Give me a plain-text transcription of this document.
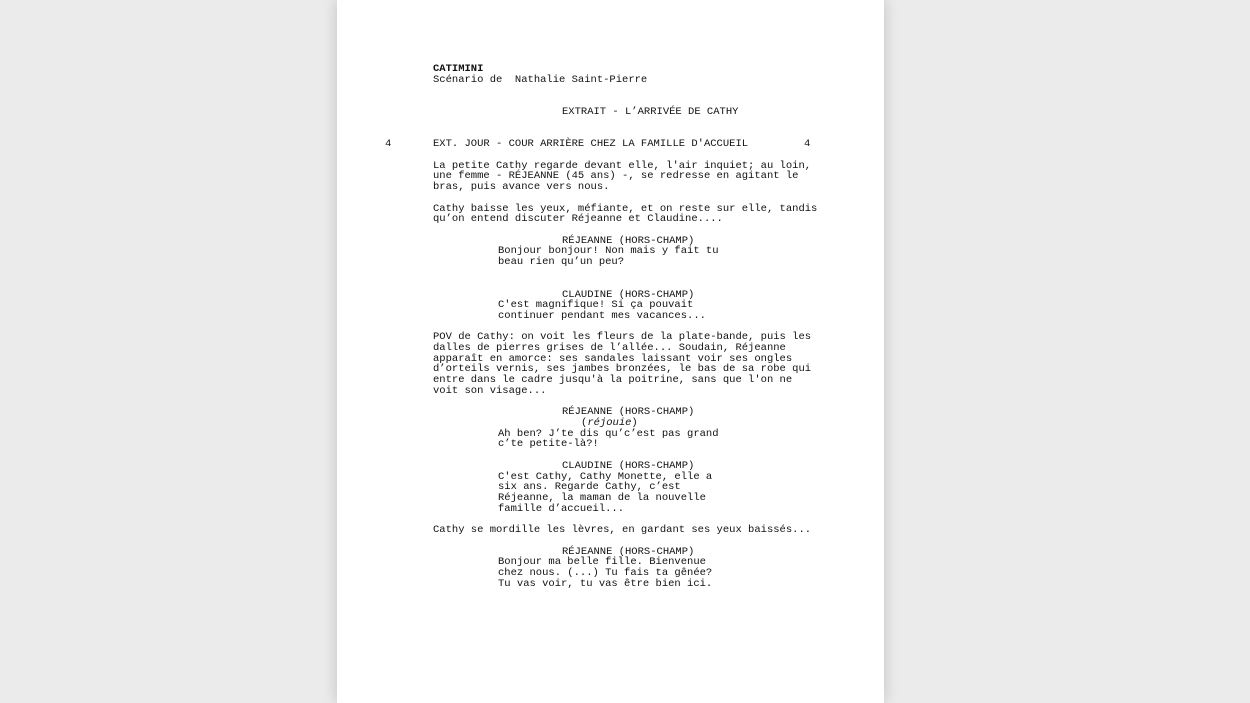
CATIMINI
Scénario de  Nathalie Saint-Pierre
EXTRAIT - L’ARRIVÉE DE CATHY
4	EXT. JOUR - COUR ARRIÈRE CHEZ LA FAMILLE D'ACCUEIL	4
La petite Cathy regarde devant elle, l'air inquiet; au loin,
une femme - RÉJEANNE (45 ans) -, se redresse en agitant le
bras, puis avance vers nous.
Cathy baisse les yeux, méfiante, et on reste sur elle, tandis
qu’on entend discuter Réjeanne et Claudine....
RÉJEANNE (HORS-CHAMP)
Bonjour bonjour! Non mais y fait tu
beau rien qu’un peu?
CLAUDINE (HORS-CHAMP)
C'est magnifique! Si ça pouvait
continuer pendant mes vacances...
POV de Cathy: on voit les fleurs de la plate-bande, puis les
dalles de pierres grises de l’allée... Soudain, Réjeanne
apparaît en amorce: ses sandales laissant voir ses ongles
d’orteils vernis, ses jambes bronzées, le bas de sa robe qui
entre dans le cadre jusqu'à la poitrine, sans que l'on ne
voit son visage...
RÉJEANNE (HORS-CHAMP)
(réjouie)
Ah ben? J’te dis qu’c’est pas grand
c’te petite-là?!
CLAUDINE (HORS-CHAMP)
C'est Cathy, Cathy Monette, elle a
six ans. Regarde Cathy, c’est
Réjeanne, la maman de la nouvelle
famille d’accueil...
Cathy se mordille les lèvres, en gardant ses yeux baissés...
RÉJEANNE (HORS-CHAMP)
Bonjour ma belle fille. Bienvenue
chez nous. (...) Tu fais ta gênée?
Tu vas voir, tu vas être bien ici.
